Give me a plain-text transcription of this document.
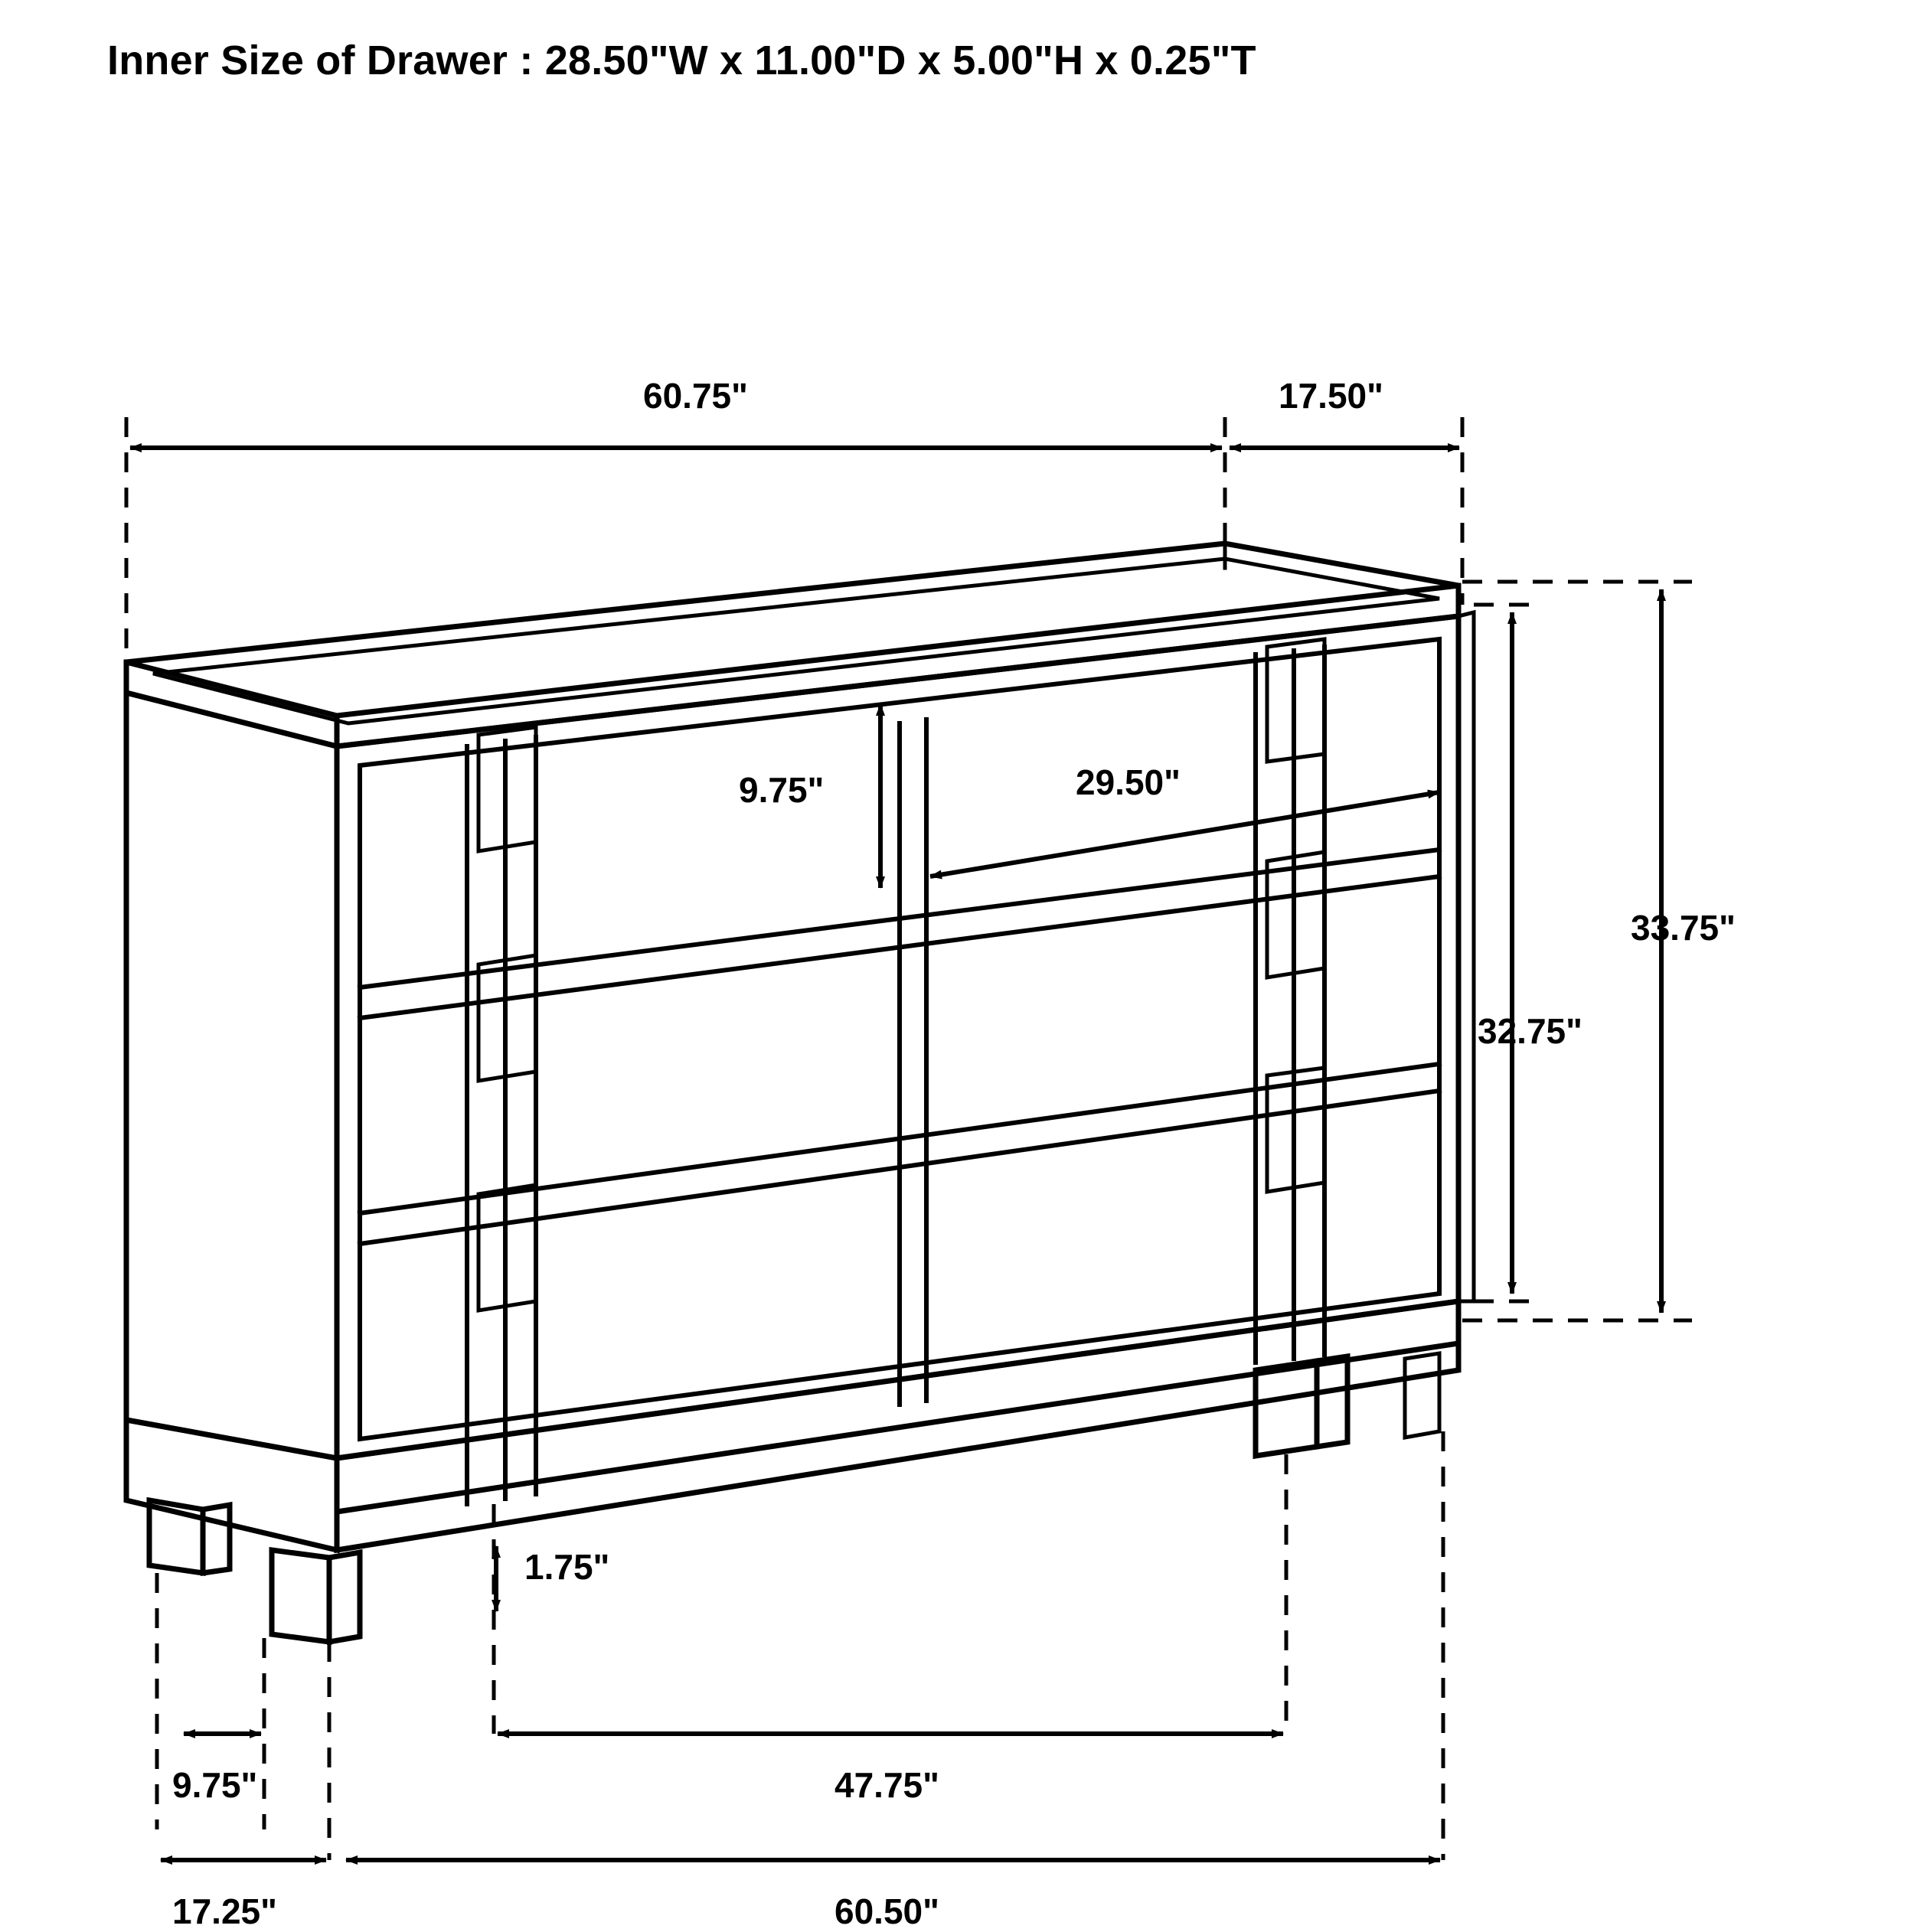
Inner Size of Drawer : 28.50"W x 11.00"D x 5.00"H x 0.25"T
60.75"	17.50"
9.75"	29.50"
33.75"
32.75"
1.75"
9.75"	47.75"
17.25"	60.50"
